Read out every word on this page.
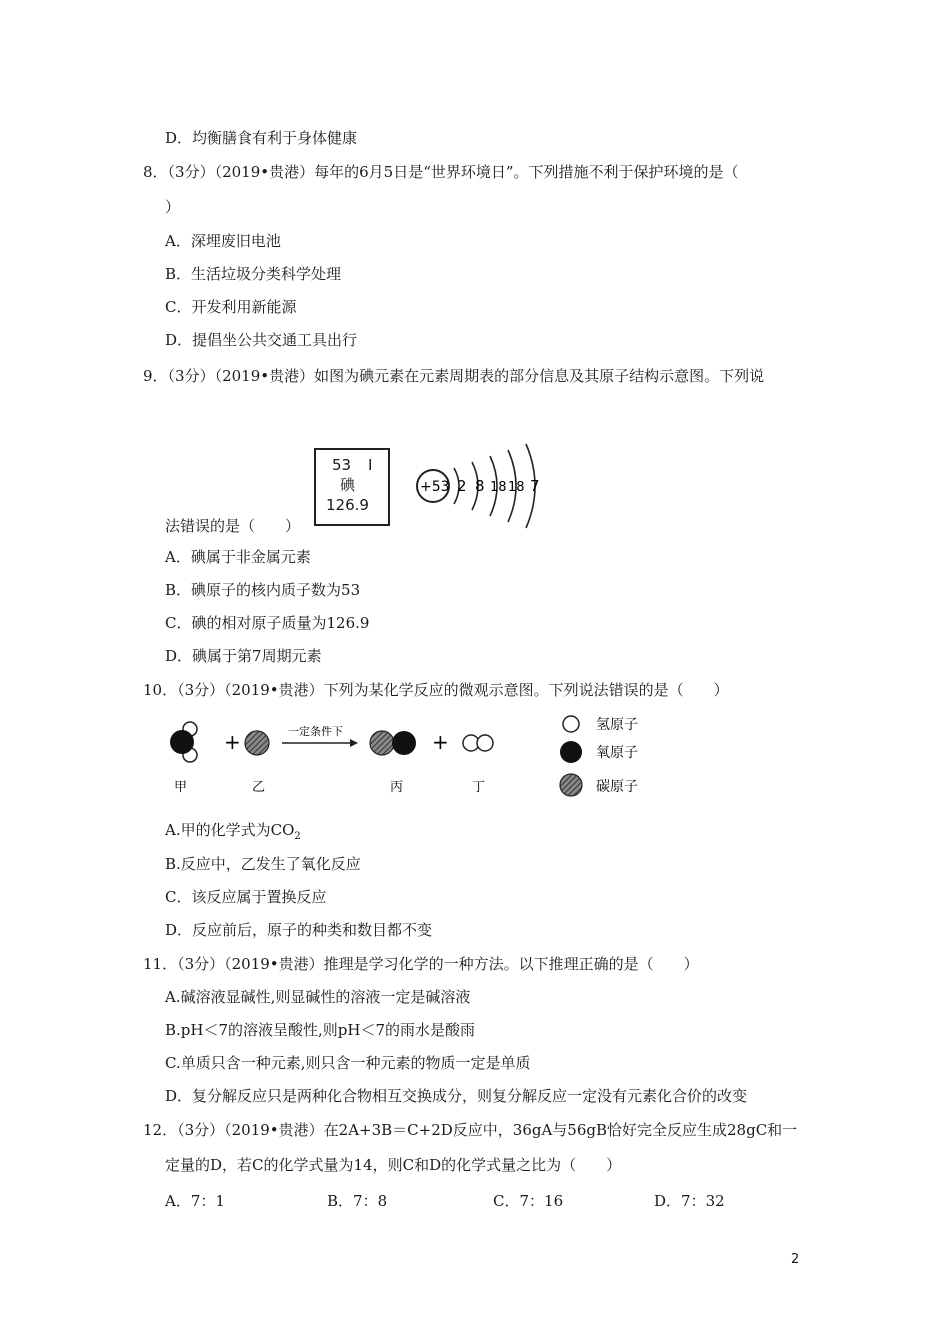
D．均衡膳食有利于身体健康
8．（3分）（2019•贵港）每年的6月5日是“世界环境日”。下列措施不利于保护环境的是（
）
A．深埋废旧电池
B．生活垃圾分类科学处理
C．开发利用新能源
D．提倡坐公共交通工具出行
9．（3分）（2019•贵港）如图为碘元素在元素周期表的部分信息及其原子结构示意图。下列说
53 I
碘
126.9
+53 2 8 18 18 7
法错误的是（　　）
A．碘属于非金属元素
B．碘原子的核内质子数为53
C．碘的相对原子质量为126.9
D．碘属于第7周期元素
10．（3分）（2019•贵港）下列为某化学反应的微观示意图。下列说法错误的是（　　）
+	一定条件下	+
甲	乙	丙	丁
氢原子
氧原子
碳原子
A.甲的化学式为$CO_2$
B.反应中，乙发生了氧化反应
C．该反应属于置换反应
D．反应前后，原子的种类和数目都不变
11．（3分）（2019•贵港）推理是学习化学的一种方法。以下推理正确的是（　　）
A.碱溶液显碱性,则显碱性的溶液一定是碱溶液
B.pH＜7的溶液呈酸性,则pH＜7的雨水是酸雨
C.单质只含一种元素,则只含一种元素的物质一定是单质
D．复分解反应只是两种化合物相互交换成分，则复分解反应一定没有元素化合价的改变
12．（3分）（2019•贵港）在2A+3B＝C+2D反应中，36gA与56gB恰好完全反应生成28gC和一
定量的D，若C的化学式量为14，则C和D的化学式量之比为（　　）
A．7：1	B．7：8	C．7：16	D．7：32
2
